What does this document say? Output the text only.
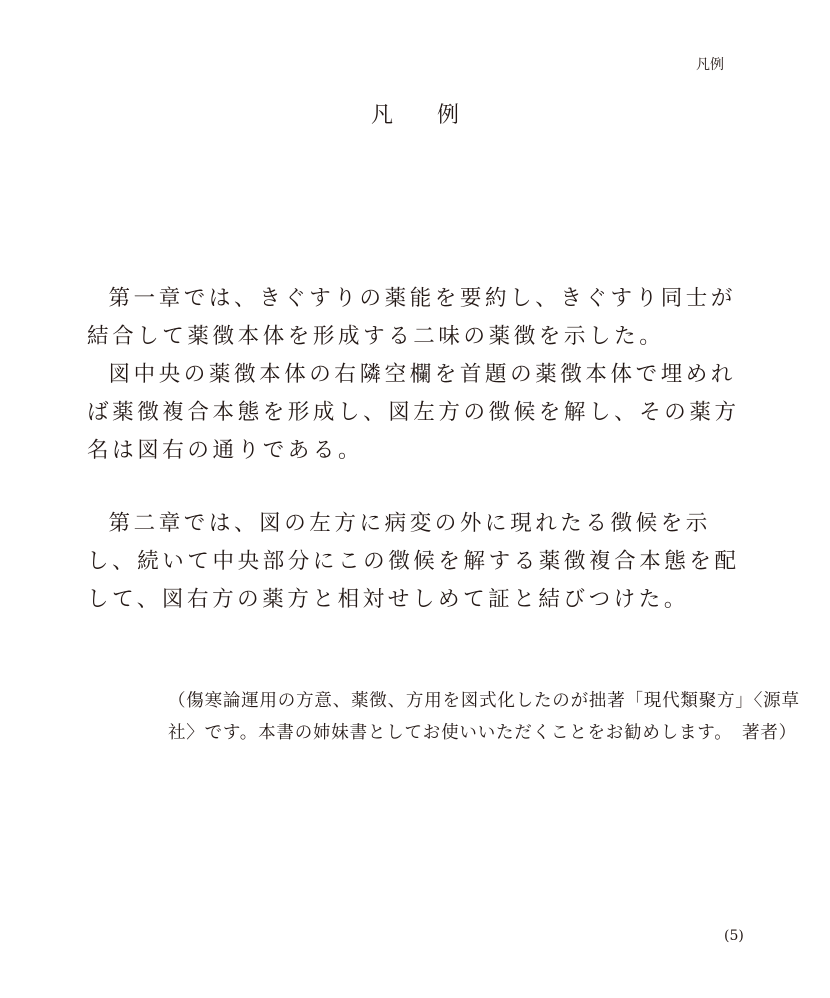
凡例
凡 例

第一章では、きぐすりの薬能を要約し、きぐすり同士が結合して薬徴本体を形成する二味の薬徴を示した。

図中央の薬徴本体の右隣空欄を首題の薬徴本体で埋めれば薬徴複合本態を形成し、図左方の徴候を解し、その薬方名は図右の通りである。

第二章では、図の左方に病変の外に現れたる徴候を示し、続いて中央部分にこの徴候を解する薬徴複合本態を配して、図右方の薬方と相対せしめて証と結びつけた。

（傷寒論運用の方意、薬徴、方用を図式化したのが拙著「現代類聚方」〈源草
社〉です。本書の姉妹書としてお使いいただくことをお勧めします。　著者）
(5)
